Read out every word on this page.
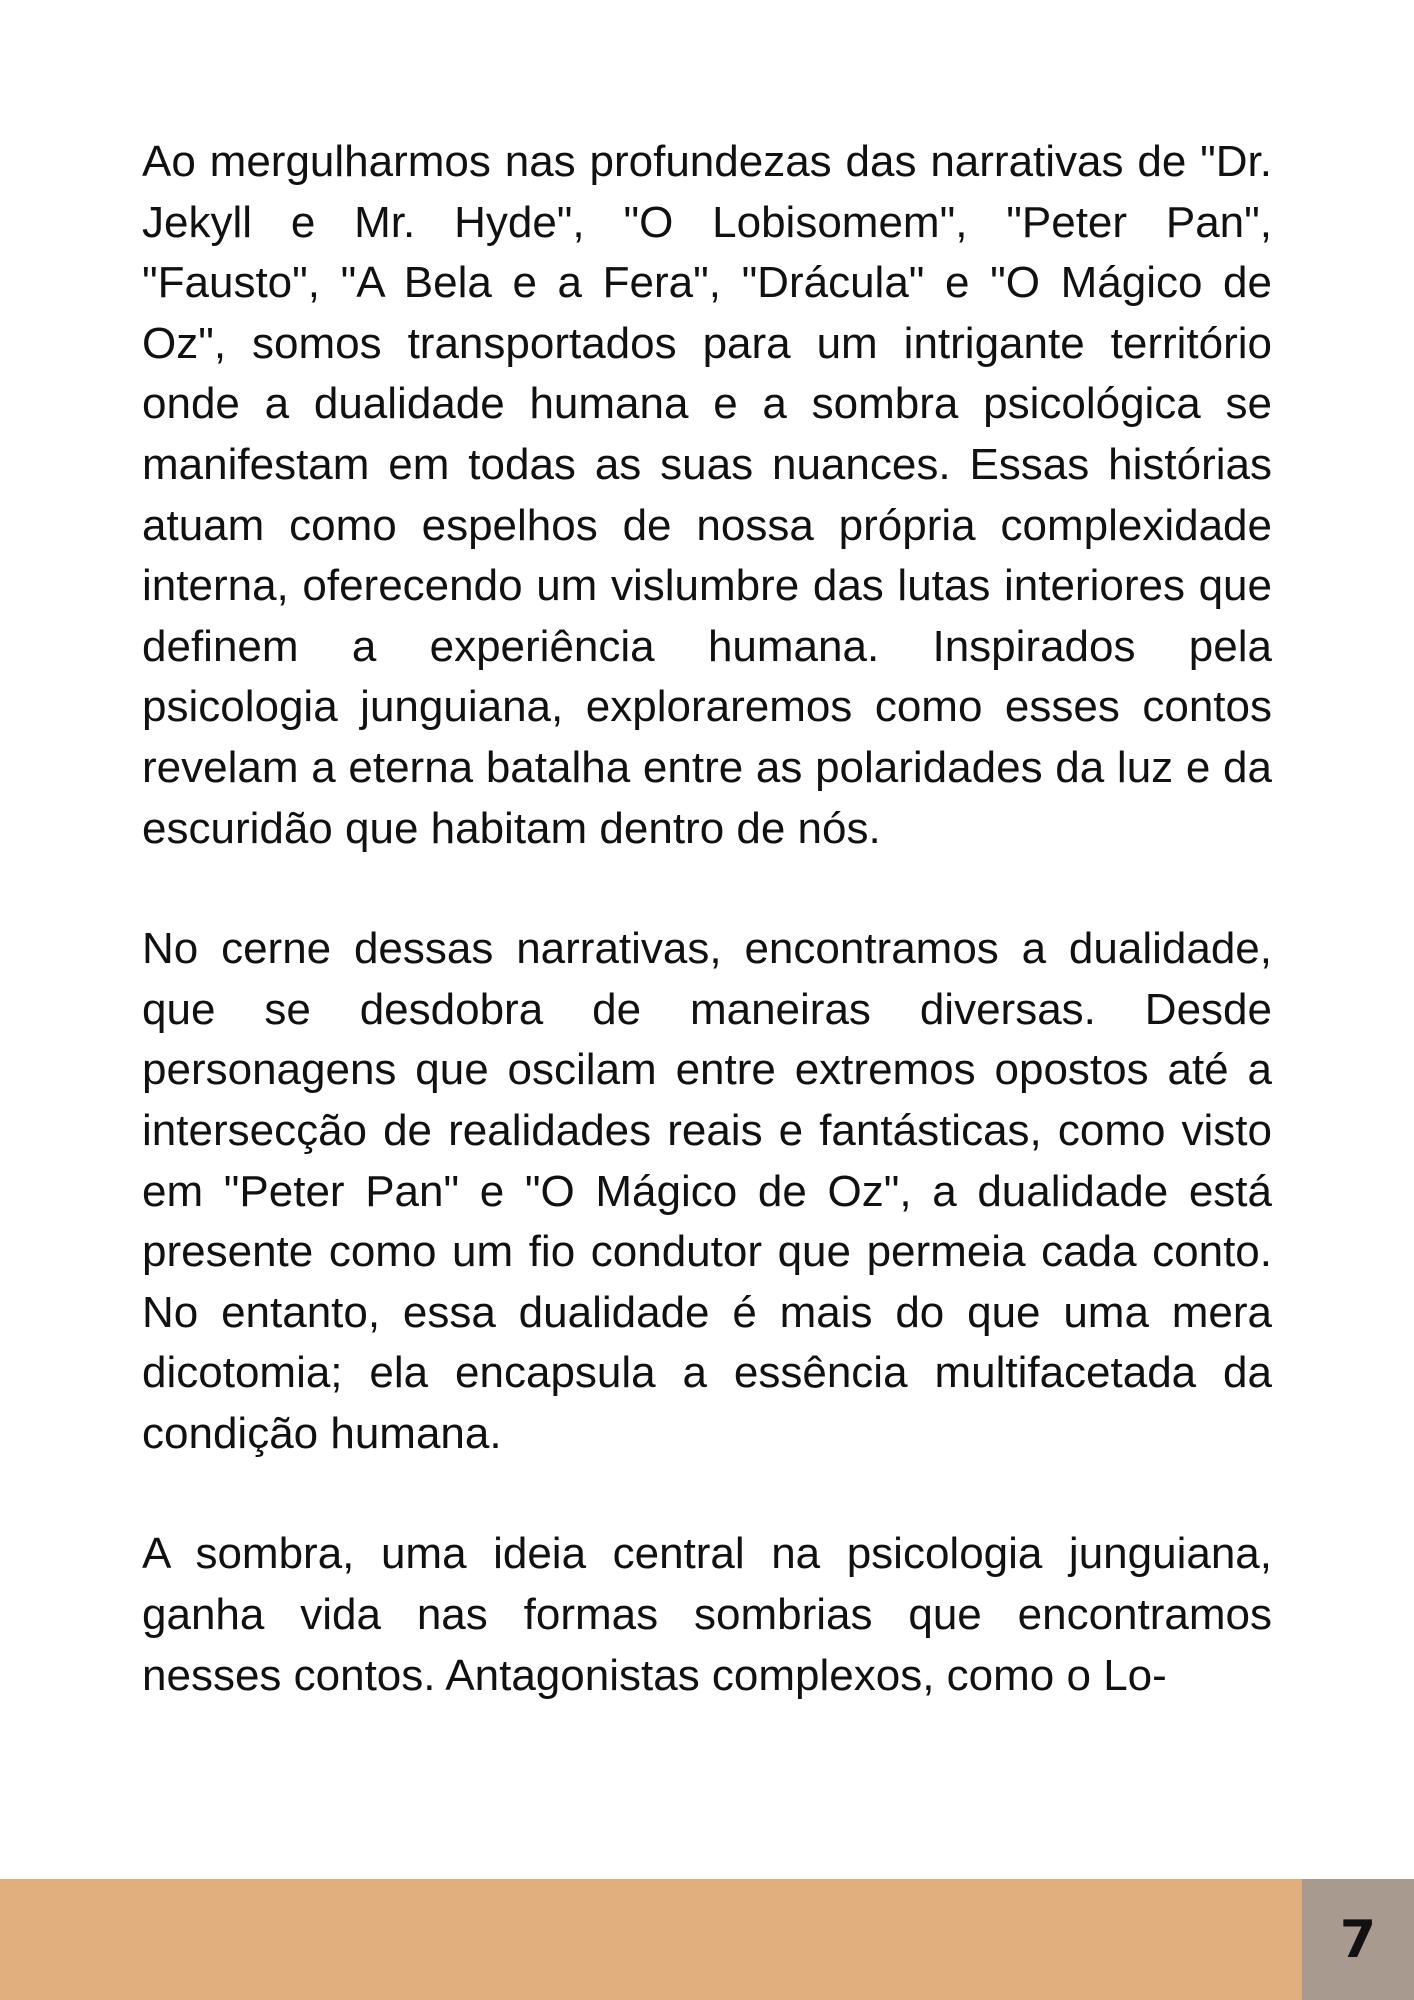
Ao mergulharmos nas profundezas das narrativas de "Dr. Jekyll e Mr. Hyde", "O Lobisomem", "Peter Pan", "Fausto", "A Bela e a Fera", "Drácula" e "O Mágico de Oz", somos transportados para um intrigante território onde a dualidade humana e a sombra psicológica se manifestam em todas as suas nuances. Essas histórias atuam como espelhos de nossa própria complexidade interna, oferecendo um vislumbre das lutas interiores que definem a experiência humana. Inspirados pela psicologia junguiana, exploraremos como esses contos revelam a eterna batalha entre as polaridades da luz e da escuridão que habitam dentro de nós.

No cerne dessas narrativas, encontramos a dualidade, que se desdobra de maneiras diversas. Desde personagens que oscilam entre extremos opostos até a intersecção de realidades reais e fantásticas, como visto em "Peter Pan" e "O Mágico de Oz", a dualidade está presente como um fio condutor que permeia cada conto. No entanto, essa dualidade é mais do que uma mera dicotomia; ela encapsula a essência multifacetada da condição humana.

A sombra, uma ideia central na psicologia junguiana, ganha vida nas formas sombrias que encontramos nesses contos. Antagonistas complexos, como o Lo-

7
